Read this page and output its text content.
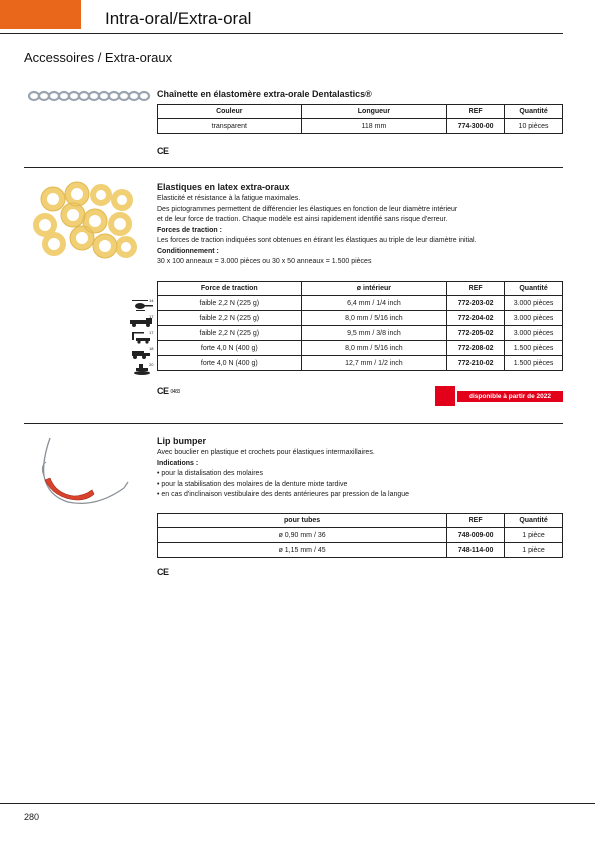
Intra-oral/Extra-oral
Accessoires / Extra-oraux
Chaînette en élastomère extra-orale Dentalastics®
Couleur	Longueur	REF	Quantité
transparent	118 mm	774-300-00	10 pièces
CE
Elastiques en latex extra-oraux
Elasticité et résistance à la fatigue maximales.
Des pictogrammes permettent de différencier les élastiques en fonction de leur diamètre intérieur
et de leur force de traction. Chaque modèle est ainsi rapidement identifié sans risque d'erreur.
Forces de traction :
Les forces de traction indiquées sont obtenues en étirant les élastiques au triple de leur diamètre initial.
Conditionnement :
30 x 100 anneaux = 3.000 pièces ou 30 x 50 anneaux = 1.500 pièces
Force de traction	ø intérieur	REF	Quantité
faible 2,2 N (225 g)	6,4 mm / 1/4 inch	772-203-02	3.000 pièces
faible 2,2 N (225 g)	8,0 mm / 5/16 inch	772-204-02	3.000 pièces
faible 2,2 N (225 g)	9,5 mm / 3/8 inch	772-205-02	3.000 pièces
forte 4,0 N (400 g)	8,0 mm / 5/16 inch	772-208-02	1.500 pièces
forte 4,0 N (400 g)	12,7 mm / 1/2 inch	772-210-02	1.500 pièces
14
17
17
18
20
CE 0483
disponible à partir de 2022
Lip bumper
Avec bouclier en plastique et crochets pour élastiques intermaxillaires.
Indications :
• pour la distalisation des molaires
• pour la stabilisation des molaires de la denture mixte tardive
• en cas d'inclinaison vestibulaire des dents antérieures par pression de la langue
pour tubes	REF	Quantité
ø 0,90 mm / 36	748-009-00	1 pièce
ø 1,15 mm / 45	748-114-00	1 pièce
CE
280
